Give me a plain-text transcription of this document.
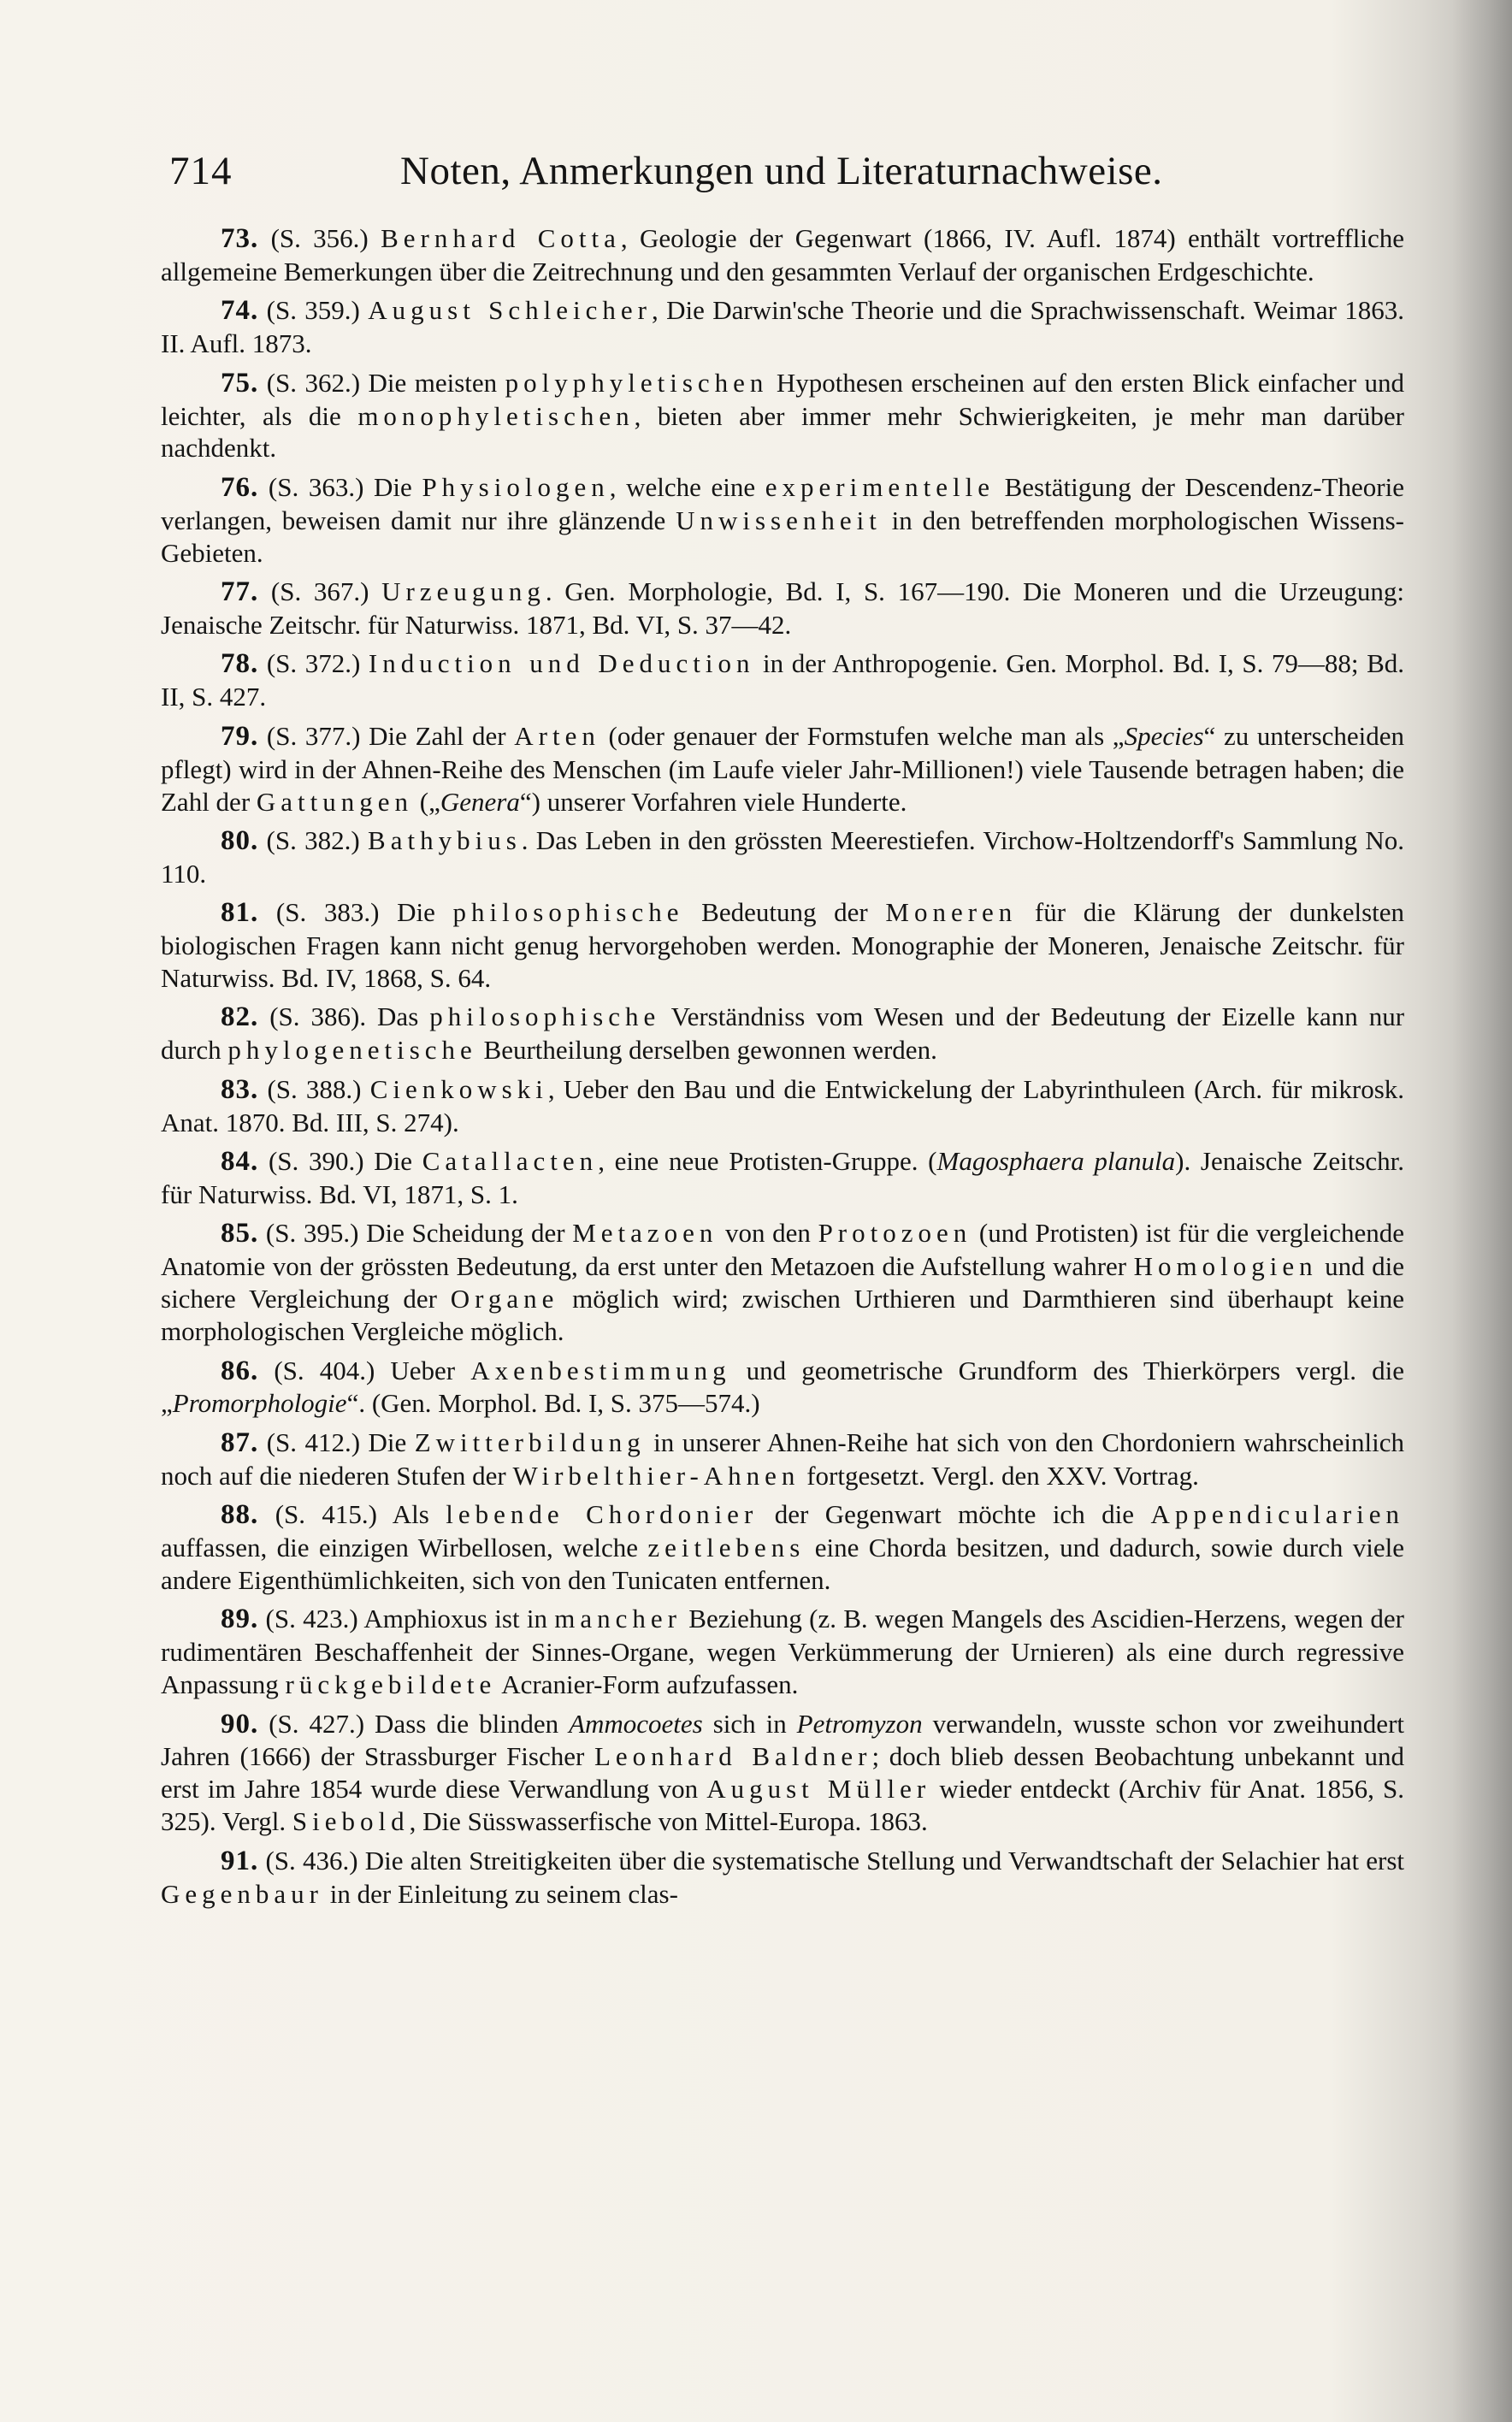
714	Noten, Anmerkungen und Literaturnachweise.

73. (S. 356.) Bernhard Cotta, Geologie der Gegenwart (1866, IV. Aufl. 1874) enthält vortreffliche allgemeine Bemerkungen über die Zeitrechnung und den gesammten Verlauf der organischen Erdgeschichte.

74. (S. 359.) August Schleicher, Die Darwin'sche Theorie und die Sprachwissenschaft. Weimar 1863. II. Aufl. 1873.

75. (S. 362.) Die meisten polyphyletischen Hypothesen erscheinen auf den ersten Blick einfacher und leichter, als die monophyletischen, bieten aber immer mehr Schwierigkeiten, je mehr man darüber nachdenkt.

76. (S. 363.) Die Physiologen, welche eine experimentelle Bestätigung der Descendenz-Theorie verlangen, beweisen damit nur ihre glänzende Unwissenheit in den betreffenden morphologischen Wissens-Gebieten.

77. (S. 367.) Urzeugung. Gen. Morphologie, Bd. I, S. 167—190. Die Moneren und die Urzeugung: Jenaische Zeitschr. für Naturwiss. 1871, Bd. VI, S. 37—42.

78. (S. 372.) Induction und Deduction in der Anthropogenie. Gen. Morphol. Bd. I, S. 79—88; Bd. II, S. 427.

79. (S. 377.) Die Zahl der Arten (oder genauer der Formstufen welche man als „Species“ zu unterscheiden pflegt) wird in der Ahnen-Reihe des Menschen (im Laufe vieler Jahr-Millionen!) viele Tausende betragen haben; die Zahl der Gattungen („Genera“) unserer Vorfahren viele Hunderte.

80. (S. 382.) Bathybius. Das Leben in den grössten Meerestiefen. Virchow-Holtzendorff's Sammlung No. 110.

81. (S. 383.) Die philosophische Bedeutung der Moneren für die Klärung der dunkelsten biologischen Fragen kann nicht genug hervorgehoben werden. Monographie der Moneren, Jenaische Zeitschr. für Naturwiss. Bd. IV, 1868, S. 64.

82. (S. 386). Das philosophische Verständniss vom Wesen und der Bedeutung der Eizelle kann nur durch phylogenetische Beurtheilung derselben gewonnen werden.

83. (S. 388.) Cienkowski, Ueber den Bau und die Entwickelung der Labyrinthuleen (Arch. für mikrosk. Anat. 1870. Bd. III, S. 274).

84. (S. 390.) Die Catallacten, eine neue Protisten-Gruppe. (Magosphaera planula). Jenaische Zeitschr. für Naturwiss. Bd. VI, 1871, S. 1.

85. (S. 395.) Die Scheidung der Metazoen von den Protozoen (und Protisten) ist für die vergleichende Anatomie von der grössten Bedeutung, da erst unter den Metazoen die Aufstellung wahrer Homologien und die sichere Vergleichung der Organe möglich wird; zwischen Urthieren und Darmthieren sind überhaupt keine morphologischen Vergleiche möglich.

86. (S. 404.) Ueber Axenbestimmung und geometrische Grundform des Thierkörpers vergl. die „Promorphologie“. (Gen. Morphol. Bd. I, S. 375—574.)

87. (S. 412.) Die Zwitterbildung in unserer Ahnen-Reihe hat sich von den Chordoniern wahrscheinlich noch auf die niederen Stufen der Wirbelthier-Ahnen fortgesetzt. Vergl. den XXV. Vortrag.

88. (S. 415.) Als lebende Chordonier der Gegenwart möchte ich die Appendicularien auffassen, die einzigen Wirbellosen, welche zeitlebens eine Chorda besitzen, und dadurch, sowie durch viele andere Eigenthümlichkeiten, sich von den Tunicaten entfernen.

89. (S. 423.) Amphioxus ist in mancher Beziehung (z. B. wegen Mangels des Ascidien-Herzens, wegen der rudimentären Beschaffenheit der Sinnes-Organe, wegen Verkümmerung der Urnieren) als eine durch regressive Anpassung rückgebildete Acranier-Form aufzufassen.

90. (S. 427.) Dass die blinden Ammocoetes sich in Petromyzon verwandeln, wusste schon vor zweihundert Jahren (1666) der Strassburger Fischer Leonhard Baldner; doch blieb dessen Beobachtung unbekannt und erst im Jahre 1854 wurde diese Verwandlung von August Müller wieder entdeckt (Archiv für Anat. 1856, S. 325). Vergl. Siebold, Die Süsswasserfische von Mittel-Europa. 1863.

91. (S. 436.) Die alten Streitigkeiten über die systematische Stellung und Verwandtschaft der Selachier hat erst Gegenbaur in der Einleitung zu seinem clas-
